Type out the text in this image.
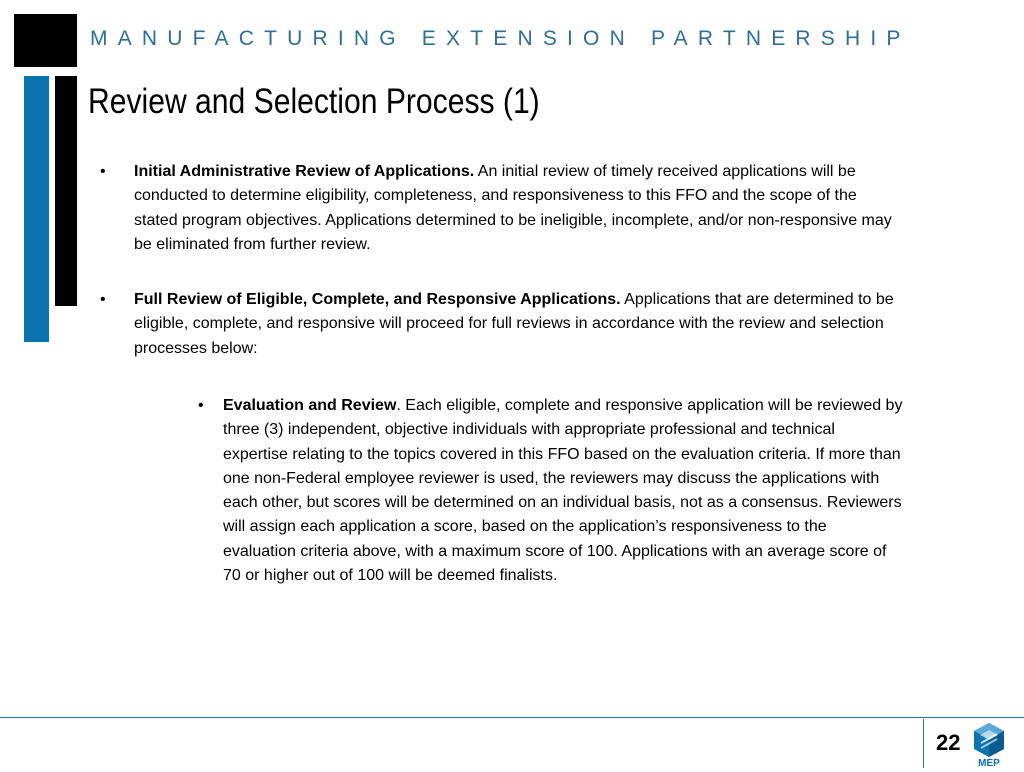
MANUFACTURING EXTENSION PARTNERSHIP
Review and Selection Process (1)
• Initial Administrative Review of Applications. An initial review of timely received applications will be conducted to determine eligibility, completeness, and responsiveness to this FFO and the scope of the stated program objectives. Applications determined to be ineligible, incomplete, and/or non-responsive may be eliminated from further review.
• Full Review of Eligible, Complete, and Responsive Applications. Applications that are determined to be eligible, complete, and responsive will proceed for full reviews in accordance with the review and selection processes below:
• Evaluation and Review. Each eligible, complete and responsive application will be reviewed by three (3) independent, objective individuals with appropriate professional and technical expertise relating to the topics covered in this FFO based on the evaluation criteria. If more than one non-Federal employee reviewer is used, the reviewers may discuss the applications with each other, but scores will be determined on an individual basis, not as a consensus. Reviewers will assign each application a score, based on the application’s responsiveness to the evaluation criteria above, with a maximum score of 100. Applications with an average score of 70 or higher out of 100 will be deemed finalists.
22
MEP
